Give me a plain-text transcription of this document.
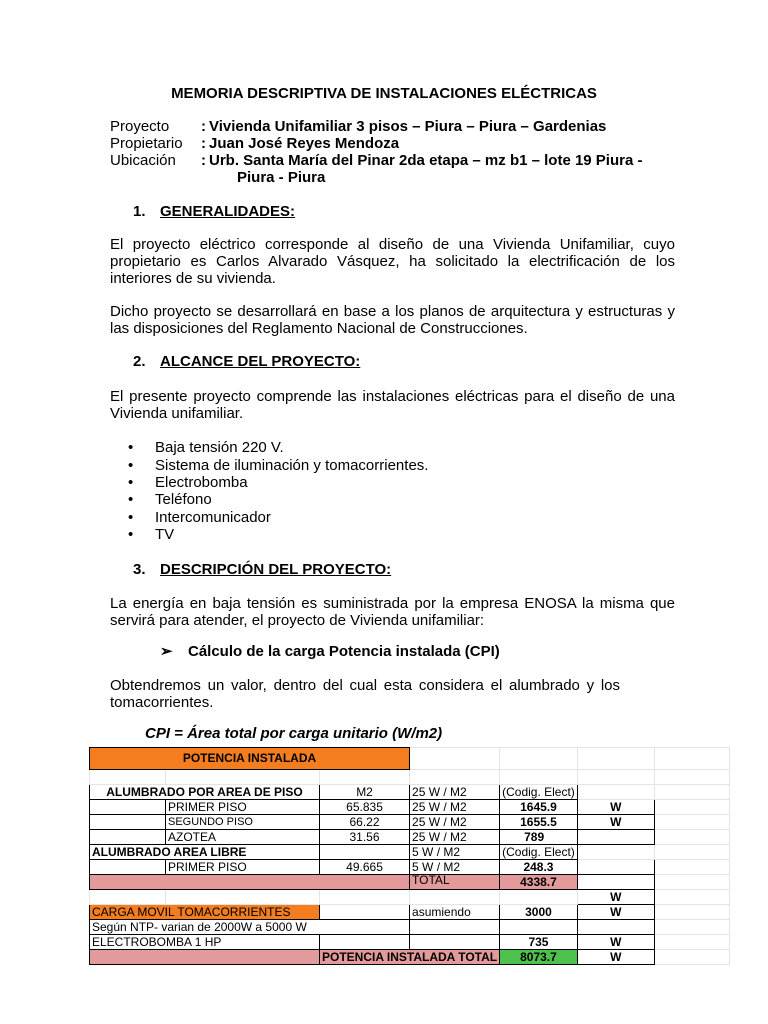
MEMORIA DESCRIPTIVA DE INSTALACIONES ELÉCTRICAS
Proyecto : Vivienda Unifamiliar 3 pisos – Piura – Piura – Gardenias
Propietario : Juan José Reyes Mendoza
Ubicación : Urb. Santa María del Pinar 2da etapa – mz b1 – lote 19 Piura -
Piura - Piura
1. GENERALIDADES:
El proyecto eléctrico corresponde al diseño de una Vivienda Unifamiliar, cuyo propietario es Carlos Alvarado Vásquez, ha solicitado la electrificación de los interiores de su vivienda.
Dicho proyecto se desarrollará en base a los planos de arquitectura y estructuras y las disposiciones del Reglamento Nacional de Construcciones.
2. ALCANCE DEL PROYECTO:
El presente proyecto comprende las instalaciones eléctricas para el diseño de una Vivienda unifamiliar.
• Baja tensión 220 V.
• Sistema de iluminación y tomacorrientes.
• Electrobomba
• Teléfono
• Intercomunicador
• TV
3. DESCRIPCIÓN DEL PROYECTO:
La energía en baja tensión es suministrada por la empresa ENOSA la misma que servirá para atender, el proyecto de Vivienda unifamiliar:
➢ Cálculo de la carga Potencia instalada (CPI)
Obtendremos un valor, dentro del cual esta considera el alumbrado y los tomacorrientes.
CPI = Área total por carga unitario (W/m2)
POTENCIA INSTALADA						

ALUMBRADO POR AREA DE PISO		M2	25 W / M2	(Codig. Elect)		
	PRIMER PISO	65.835	25 W / M2	1645.9	W	
	SEGUNDO PISO	66.22	25 W / M2	1655.5	W	
	AZOTEA	31.56	25 W / M2	789		
ALUMBRADO AREA LIBRE			5 W / M2	(Codig. Elect)		
	PRIMER PISO	49.665	5 W / M2	248.3		
			TOTAL	4338.7		
					W	
CARGA MOVIL TOMACORRIENTES			asumiendo	3000	W	
Según NTP- varian de 2000W a 5000 W						
ELECTROBOMBA 1 HP				735	W	
		POTENCIA INSTALADA TOTAL		8073.7	W	
